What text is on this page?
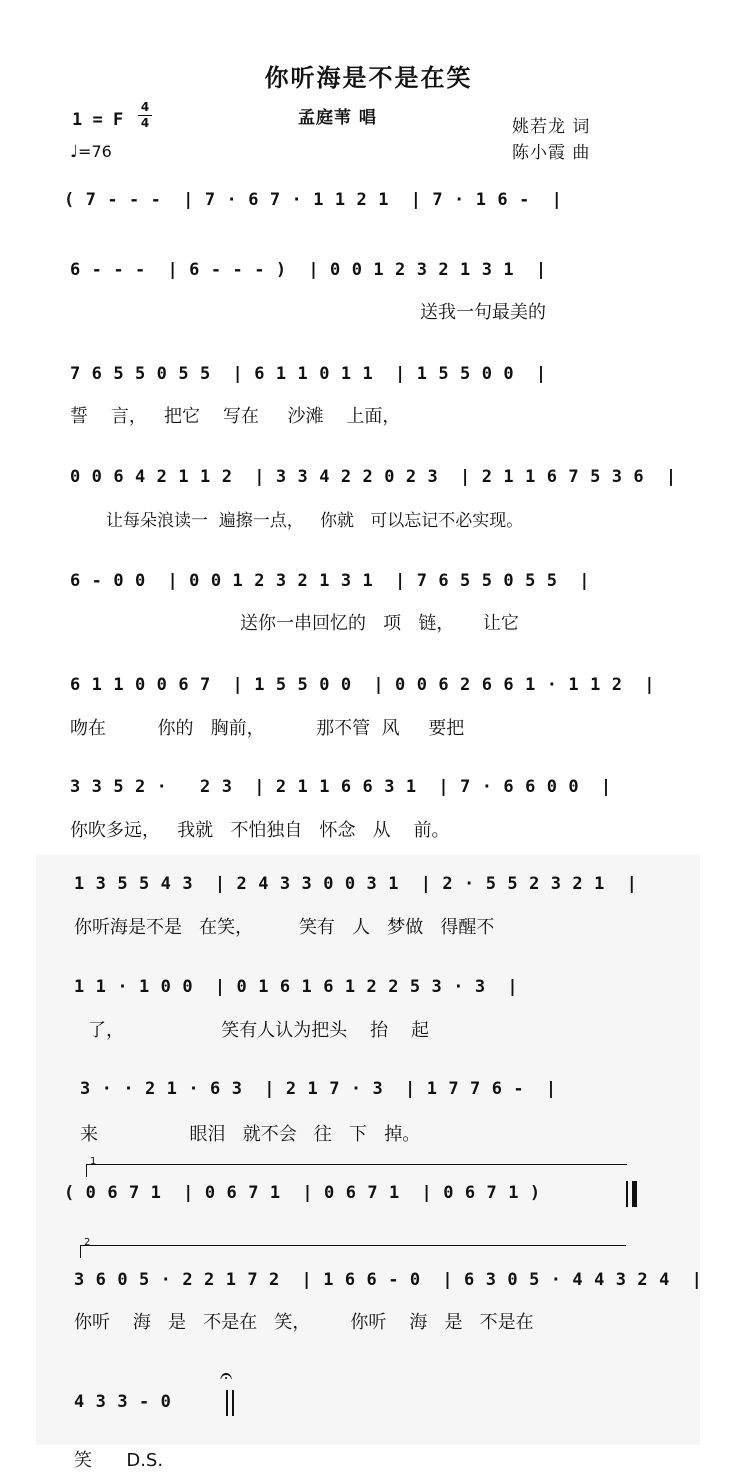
你听海是不是在笑
1 = F
4
4
♩=76
孟庭苇 唱	姚若龙 词
陈小霞 曲
( 7 - - -  | 7 · 6 7 · 1 1 2 1  | 7 · 1 6 -  |
6 - - -  | 6 - - - )  | 0 0 1 2 3 2 1 3 1  |
送我一句最美的
7 6 5 5 0 5 5  | 6 1 1 0 1 1  | 1 5 5 0 0  |
誓    言，   把它    写在     沙滩    上面，
0 0 6 4 2 1 1 2  | 3 3 4 2 2 0 2 3  | 2 1 1 6 7 5 3 6  |
让每朵浪读一  遍擦一点，   你就   可以忘记不必实现。
6 - 0 0  | 0 0 1 2 3 2 1 3 1  | 7 6 5 5 0 5 5  |
送你一串回忆的   项   链，     让它
6 1 1 0 0 6 7  | 1 5 5 0 0  | 0 0 6 2 6 6 1 · 1 1 2  |
吻在         你的   胸前，         那不管  风     要把
3 3 5 2 ·   2 3  | 2 1 1 6 6 3 1  | 7 · 6 6 0 0  |
你吹多远，   我就   不怕独自   怀念   从    前。
1 3 5 5 4 3  | 2 4 3 3 0 0 3 1  | 2 · 5 5 2 3 2 1  |
你听海是不是   在笑，        笑有   人   梦做   得醒不
1 1 · 1 0 0  | 0 1 6 1 6 1 2 2 5 3 · 3  |
了，                 笑有人认为把头    抬    起
3 · · 2 1 · 6 3  | 2 1 7 · 3  | 1 7 7 6 -  |
来                眼泪   就不会   往   下   掉。
1
( 0 6 7 1  | 0 6 7 1  | 0 6 7 1  | 0 6 7 1 )
2
3 6 0 5 · 2 2 1 7 2  | 1 6 6 - 0  | 6 3 0 5 · 4 4 3 2 4  |
你听    海   是   不是在   笑，       你听    海   是   不是在
4 3 3 - 0
𝄐
笑      D.S.
